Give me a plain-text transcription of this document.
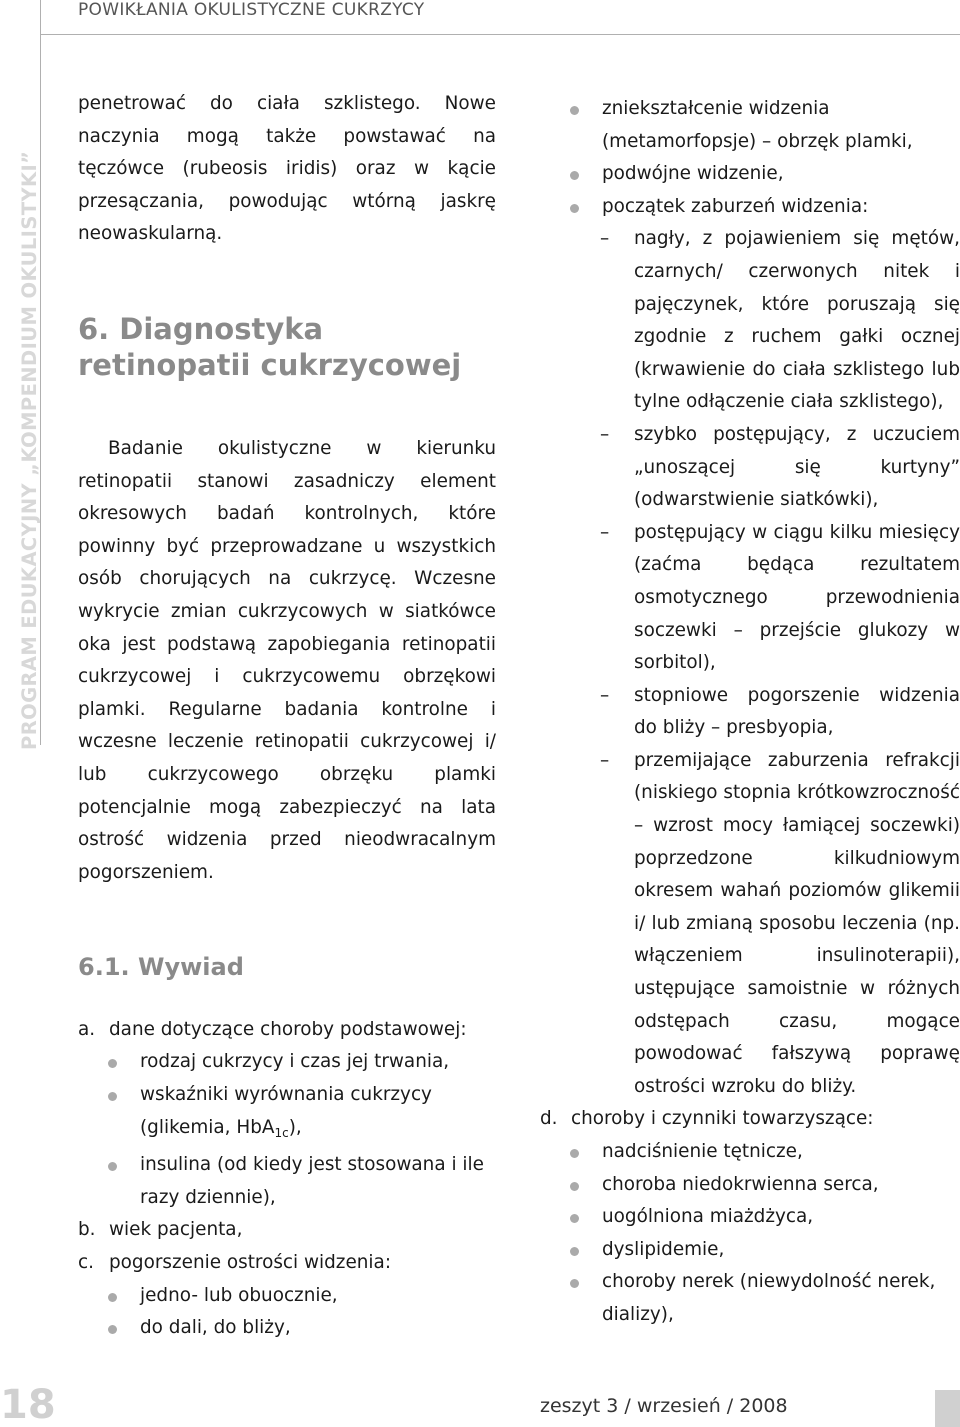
POWIKŁANIA OKULISTYCZNE CUKRZYCY
PROGRAM EDUKACYJNY „KOMPENDIUM OKULISTYKI”

penetrować do ciała szklistego. Nowe naczynia mogą także powstawać na tęczówce (rubeosis iridis) oraz w kącie przesączania, powodując wtórną jaskrę neowaskularną.

6. Diagnostyka retinopatii cukrzycowej

Badanie okulistyczne w kierunku retinopatii stanowi zasadniczy element okresowych badań kontrolnych, które powinny być przeprowadzane u wszystkich osób chorujących na cukrzycę. Wczesne wykrycie zmian cukrzycowych w siatkówce oka jest podstawą zapobiegania retinopatii cukrzycowej i cukrzycowemu obrzękowi plamki. Regularne badania kontrolne i wczesne leczenie retinopatii cukrzycowej i/ lub cukrzycowego obrzęku plamki potencjalnie mogą zabezpieczyć na lata ostrość widzenia przed nieodwracalnym pogorszeniem.

6.1. Wywiad
a. dane dotyczące choroby podstawowej:
rodzaj cukrzycy i czas jej trwania,
wskaźniki wyrównania cukrzycy (glikemia, HbA$_{1c}$),
insulina (od kiedy jest stosowana i ile razy dziennie),
b. wiek pacjenta,
c. pogorszenie ostrości widzenia:
jedno- lub obuocznie,
do dali, do bliży,
zniekształcenie widzenia (metamorfopsje) – obrzęk plamki,
podwójne widzenie,
początek zaburzeń widzenia:
– nagły, z pojawieniem się mętów, czarnych/ czerwonych nitek i pajęczynek, które poruszają się zgodnie z ruchem gałki ocznej (krwawienie do ciała szklistego lub tylne odłączenie ciała szklistego),
– szybko postępujący, z uczuciem „unoszącej się kurtyny” (odwarstwienie siatkówki),
– postępujący w ciągu kilku miesięcy (zaćma będąca rezultatem osmotycznego przewodnienia soczewki – przejście glukozy w sorbitol),
– stopniowe pogorszenie widzenia do bliży – presbyopia,
– przemijające zaburzenia refrakcji (niskiego stopnia krótkowzroczność – wzrost mocy łamiącej soczewki) poprzedzone kilkudniowym okresem wahań poziomów glikemii i/ lub zmianą sposobu leczenia (np. włączeniem insulinoterapii), ustępujące samoistnie w różnych odstępach czasu, mogące powodować fałszywą poprawę ostrości wzroku do bliży.
d. choroby i czynniki towarzyszące:
nadciśnienie tętnicze,
choroba niedokrwienna serca,
uogólniona miażdżyca,
dyslipidemie,
choroby nerek (niewydolność nerek, dializy),
18	zeszyt 3 / wrzesień / 2008
